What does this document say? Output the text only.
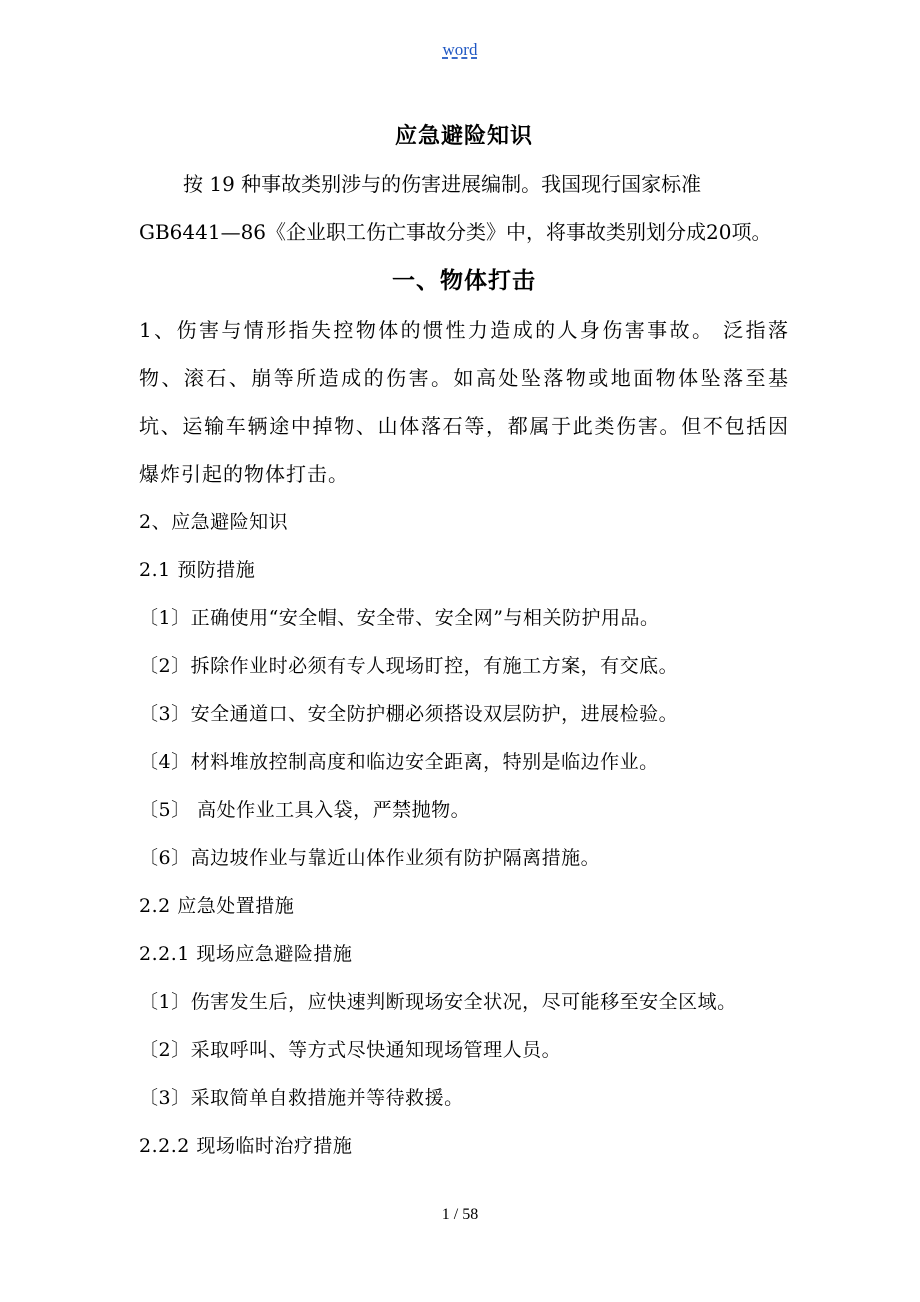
word
应急避险知识

按 19 种事故类别涉与的伤害进展编制。我国现行国家标准

GB6441—86《企业职工伤亡事故分类》中，将事故类别划分成20项。

一、物体打击

1、伤害与情形指失控物体的惯性力造成的人身伤害事故。 泛指落物、滚石、崩等所造成的伤害。如高处坠落物或地面物体坠落至基坑、运输车辆途中掉物、山体落石等，都属于此类伤害。但不包括因爆炸引起的物体打击。

2、应急避险知识

2.1 预防措施

〔1〕正确使用“安全帽、安全带、安全网”与相关防护用品。

〔2〕拆除作业时必须有专人现场盯控，有施工方案，有交底。

〔3〕安全通道口、安全防护棚必须搭设双层防护，进展检验。

〔4〕材料堆放控制高度和临边安全距离，特别是临边作业。

〔5〕 高处作业工具入袋，严禁抛物。

〔6〕高边坡作业与靠近山体作业须有防护隔离措施。

2.2 应急处置措施

2.2.1 现场应急避险措施

〔1〕伤害发生后，应快速判断现场安全状况，尽可能移至安全区域。

〔2〕采取呼叫、等方式尽快通知现场管理人员。

〔3〕采取简单自救措施并等待救援。

2.2.2 现场临时治疗措施

1 / 58
